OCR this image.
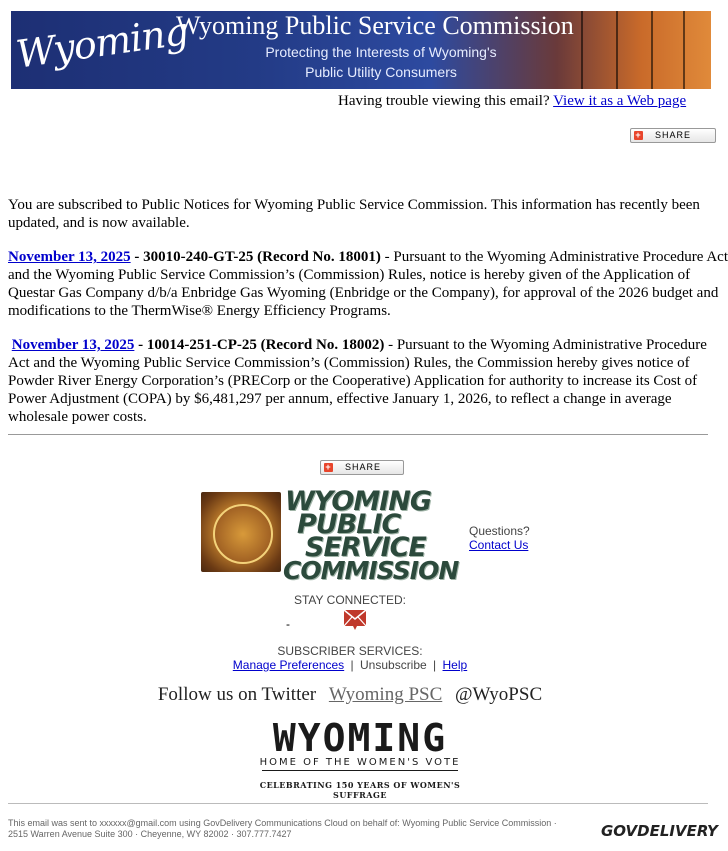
Wyoming
Wyoming Public Service Commission
Protecting the Interests of Wyoming's
Public Utility Consumers
Having trouble viewing this email? View it as a Web page
+ SHARE
You are subscribed to Public Notices for Wyoming Public Service Commission. This information has recently been updated, and is now available.
November 13, 2025 - 30010-240-GT-25 (Record No. 18001) - Pursuant to the Wyoming Administrative Procedure Act and the Wyoming Public Service Commission’s (Commission) Rules, notice is hereby given of the Application of Questar Gas Company d/b/a Enbridge Gas Wyoming (Enbridge or the Company), for approval of the 2026 budget and modifications to the ThermWise® Energy Efficiency Programs.
November 13, 2025 - 10014-251-CP-25 (Record No. 18002) - Pursuant to the Wyoming Administrative Procedure Act and the Wyoming Public Service Commission’s (Commission) Rules, the Commission hereby gives notice of Powder River Energy Corporation’s (PRECorp or the Cooperative) Application for authority to increase its Cost of Power Adjustment (COPA) by $6,481,297 per annum, effective January 1, 2026, to reflect a change in average wholesale power costs.
+ SHARE
WYOMING
PUBLIC
SERVICE
COMMISSION
Questions?
Contact Us
STAY CONNECTED:
-
SUBSCRIBER SERVICES:
Manage Preferences | Unsubscribe | Help
Follow us on Twitter Wyoming PSC @WyoPSC
WYOMING
HOME OF THE WOMEN'S VOTE
CELEBRATING 150 YEARS OF WOMEN'S SUFFRAGE
This email was sent to xxxxxx@gmail.com using GovDelivery Communications Cloud on behalf of: Wyoming Public Service Commission · 2515 Warren Avenue Suite 300 · Cheyenne, WY 82002 · 307.777.7427	GOVDELIVERY
